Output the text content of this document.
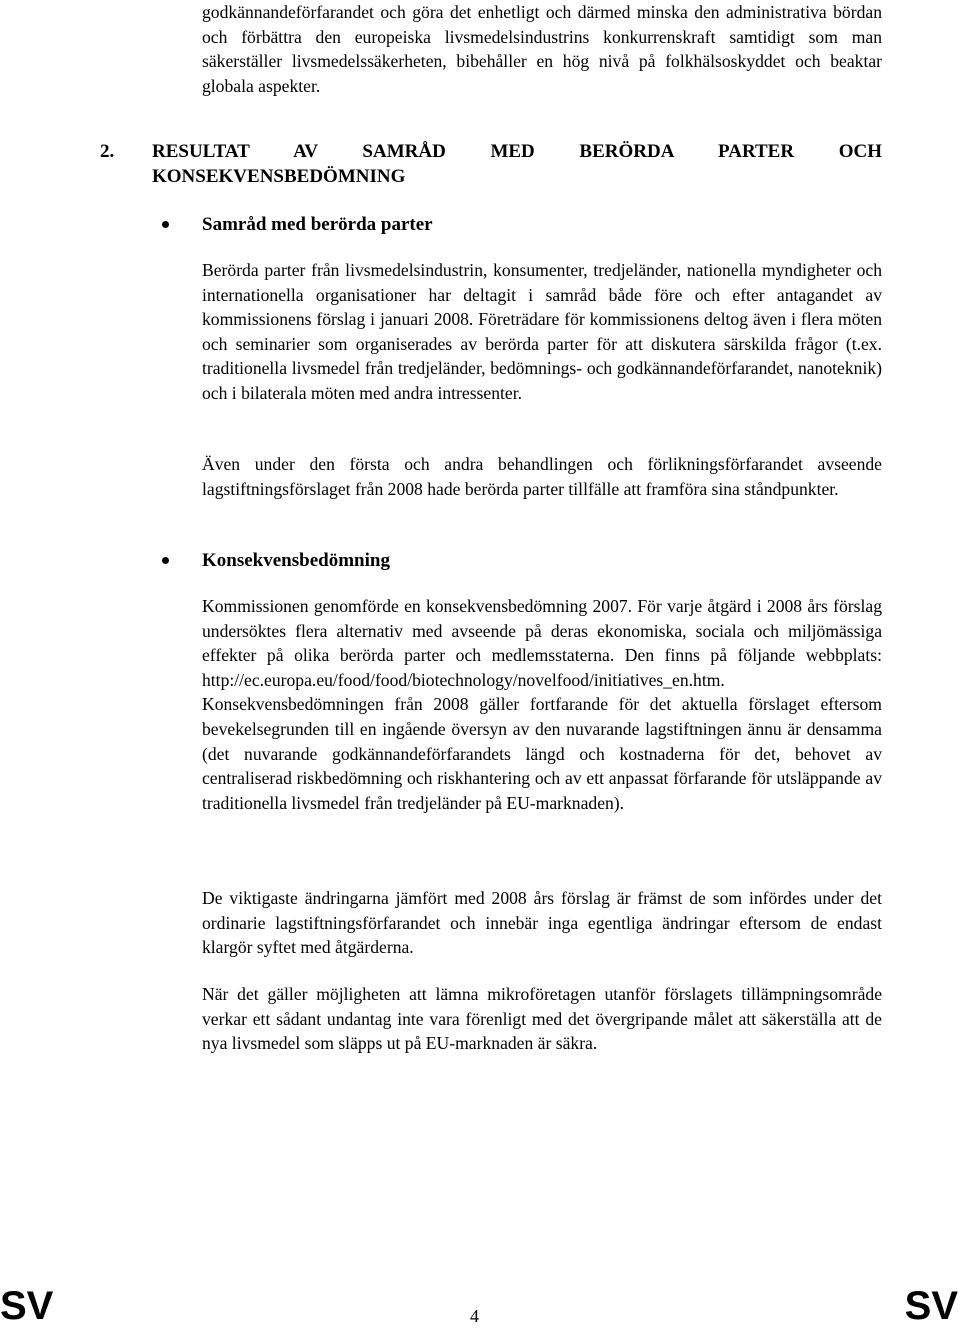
godkännandeförfarandet och göra det enhetligt och därmed minska den administrativa bördan och förbättra den europeiska livsmedelsindustrins konkurrenskraft samtidigt som man säkerställer livsmedelssäkerheten, bibehåller en hög nivå på folkhälsoskyddet och beaktar globala aspekter.

2. RESULTAT AV SAMRÅD MED BERÖRDA PARTER OCH
KONSEKVENSBEDÖMNING
Samråd med berörda parter

Berörda parter från livsmedelsindustrin, konsumenter, tredjeländer, nationella myndigheter och internationella organisationer har deltagit i samråd både före och efter antagandet av kommissionens förslag i januari 2008. Företrädare för kommissionens deltog även i flera möten och seminarier som organiserades av berörda parter för att diskutera särskilda frågor (t.ex. traditionella livsmedel från tredjeländer, bedömnings- och godkännandeförfarandet, nanoteknik) och i bilaterala möten med andra intressenter.

Även under den första och andra behandlingen och förlikningsförfarandet avseende lagstiftningsförslaget från 2008 hade berörda parter tillfälle att framföra sina ståndpunkter.

Konsekvensbedömning

Kommissionen genomförde en konsekvensbedömning 2007. För varje åtgärd i 2008 års förslag undersöktes flera alternativ med avseende på deras ekonomiska, sociala och miljömässiga effekter på olika berörda parter och medlemsstaterna. Den finns på följande webbplats: http://ec.europa.eu/food/food/biotechnology/novelfood/initiatives_en.htm. Konsekvensbedömningen från 2008 gäller fortfarande för det aktuella förslaget eftersom bevekelsegrunden till en ingående översyn av den nuvarande lagstiftningen ännu är densamma (det nuvarande godkännandeförfarandets längd och kostnaderna för det, behovet av centraliserad riskbedömning och riskhantering och av ett anpassat förfarande för utsläppande av traditionella livsmedel från tredjeländer på EU-marknaden).

De viktigaste ändringarna jämfört med 2008 års förslag är främst de som infördes under det ordinarie lagstiftningsförfarandet och innebär inga egentliga ändringar eftersom de endast klargör syftet med åtgärderna.

När det gäller möjligheten att lämna mikroföretagen utanför förslagets tillämpningsområde verkar ett sådant undantag inte vara förenligt med det övergripande målet att säkerställa att de nya livsmedel som släpps ut på EU-marknaden är säkra.

SV	4	SV
